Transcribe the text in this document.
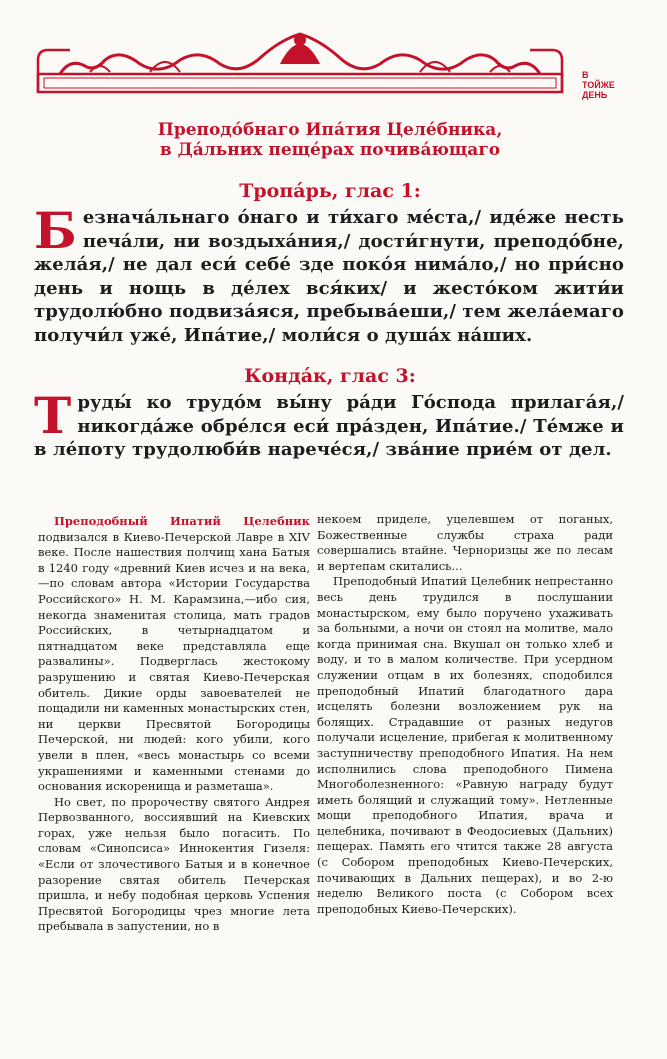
В
ТОЙЖЕ
ДЕНЬ
Преподо́бнаго Ипа́тия Целе́бника,
в Да́льних пеще́рах почива́ющаго
Тропа́рь, глас 1:

Безнача́льнаго о́наго и ти́хаго ме́ста,/ иде́же несть печа́ли, ни воздыха́ния,/ дости́гнути, преподо́бне, жела́я,/ не дал еси́ себе́ зде поко́я нима́ло,/ но при́сно день и нощь в де́лех вся́ких/ и жесто́ком жити́и трудолю́бно подвиза́яся, пребыва́еши,/ тем жела́емаго получи́л уже́, Ипа́тие,/ моли́ся о душа́х на́ших.

Конда́к, глас 3:

Труды́ ко трудо́м вы́ну ра́ди Го́спода прилага́я,/ никогда́же обре́лся еси́ пра́зден, Ипа́тие./ Те́мже и в ле́поту трудолюби́в нарече́ся,/ зва́ние прие́м от дел.

Преподобный Ипатий Целебник подвизался в Киево-Печерской Лавре в XIV веке. После нашествия полчищ хана Батыя в 1240 году «древний Киев исчез и на века,—по словам автора «Истории Государства Российского» Н. М. Карамзина,—ибо сия, некогда знаменитая столица, мать градов Российских, в четырнадцатом и пятнадцатом веке представляла еще развалины». Подверглась жестокому разрушению и святая Киево-Печерская обитель. Дикие орды завоевателей не пощадили ни каменных монастырских стен, ни церкви Пресвятой Богородицы Печерской, ни людей: кого убили, кого увели в плен, «весь монастырь со всеми украшениями и каменными стенами до основания искоренища и разметаша».

Но свет, по пророчеству святого Андрея Первозванного, воссиявший на Киевских горах, уже нельзя было погасить. По словам «Синопсиса» Иннокентия Гизеля: «Если от злочестивого Батыя и в конечное разорение святая обитель Печерская пришла, и небу подобная церковь Успения Пресвятой Богородицы чрез многие лета пребывала в запустении, но в

некоем приделе, уцелевшем от поганых, Божественные службы страха ради совершались втайне. Черноризцы же по лесам и вертепам скитались...

Преподобный Ипатий Целебник непрестанно весь день трудился в послушании монастырском, ему было поручено ухаживать за больными, а ночи он стоял на молитве, мало когда принимая сна. Вкушал он только хлеб и воду, и то в малом количестве. При усердном служении отцам в их болезнях, сподобился преподобный Ипатий благодатного дара исцелять болезни возложением рук на болящих. Страдавшие от разных недугов получали исцеление, прибегая к молитвенному заступничеству преподобного Ипатия. На нем исполнились слова преподобного Пимена Многоболезненного: «Равную награду будут иметь болящий и служащий тому». Нетленные мощи преподобного Ипатия, врача и целебника, почивают в Феодосиевых (Дальних) пещерах. Память его чтится также 28 августа (с Собором преподобных Киево-Печерских, почивающих в Дальних пещерах), и во 2-ю неделю Великого поста (с Собором всех преподобных Киево-Печерских).
